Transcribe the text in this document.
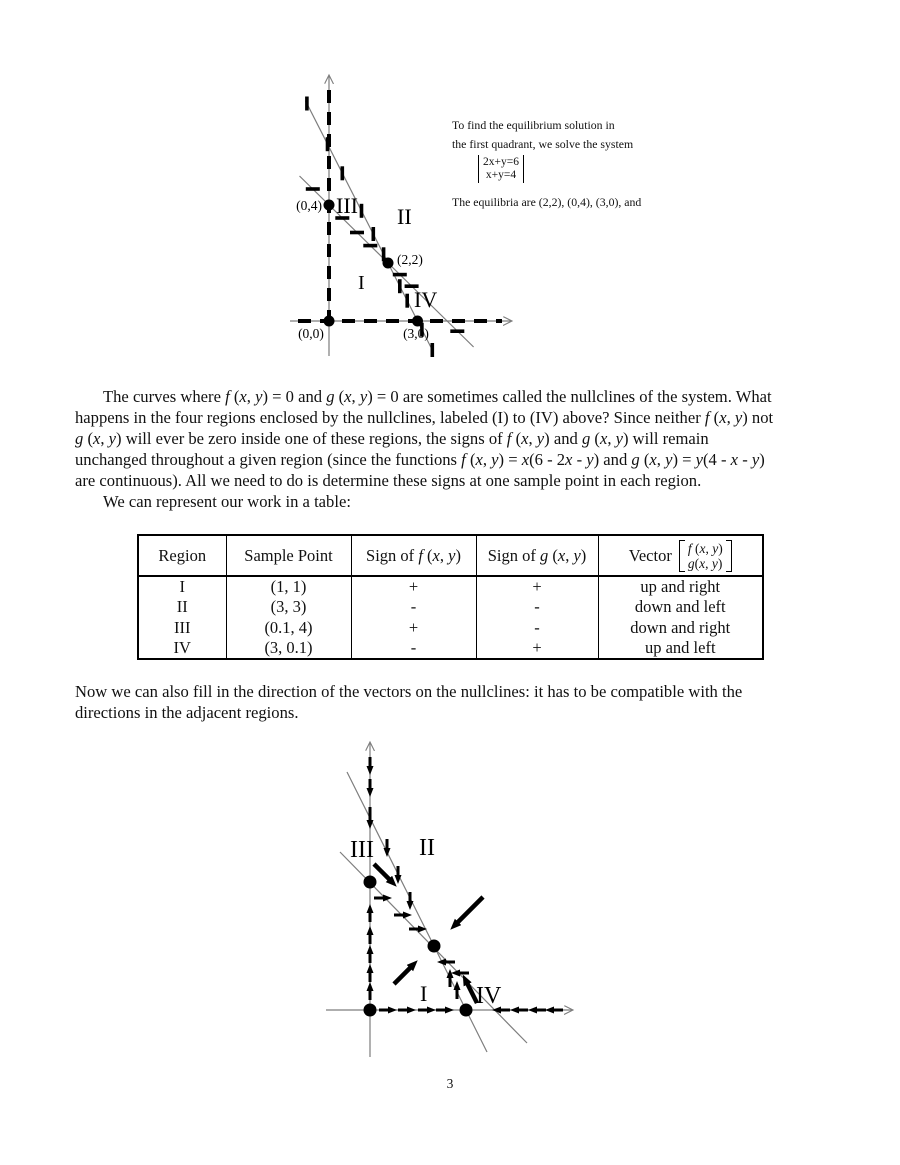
(0,4) III II
(2,2)
I
IV
(0,0)	(3,0)
To find the equilibrium solution in
the first quadrant, we solve the system
2x+y=6
x+y=4
The equilibria are (2,2), (0,4), (3,0), and
The curves where f (x, y) = 0 and g (x, y) = 0 are sometimes called the nullclines of the system. What
happens in the four regions enclosed by the nullclines, labeled (I) to (IV) above? Since neither f (x, y) not
g (x, y) will ever be zero inside one of these regions, the signs of f (x, y) and g (x, y) will remain
unchanged throughout a given region (since the functions f (x, y) = x(6 - 2x - y) and g (x, y) = y(4 - x - y)
are continuous). All we need to do is determine these signs at one sample point in each region.
We can represent our work in a table:
Region	Sample Point	Sign of f (x, y)	Sign of g (x, y)	Vector f (x, y)
g(x, y)

I	(1, 1)	+	+	up and right
II	(3, 3)	-	-	down and left
III	(0.1, 4)	+	-	down and right
IV	(3, 0.1)	-	+	up and left
Now we can also fill in the direction of the vectors on the nullclines: it has to be compatible with the
directions in the adjacent regions.
III II
I IV
3
